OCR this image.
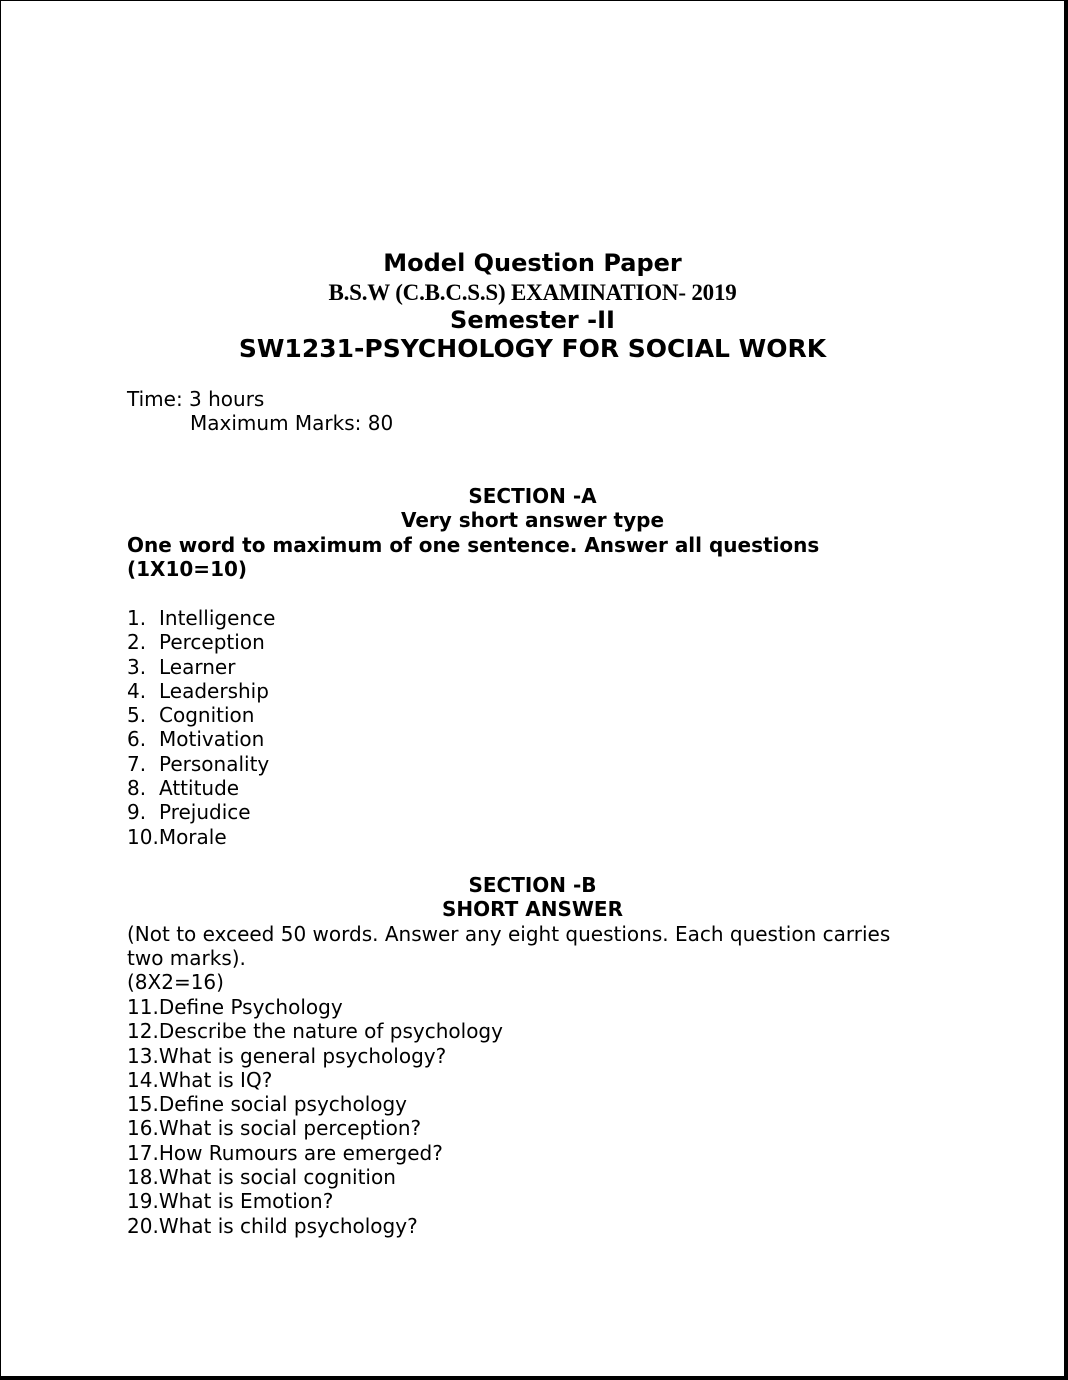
Model Question Paper
B.S.W (C.B.C.S.S) EXAMINATION- 2019
Semester -II
SW1231-PSYCHOLOGY FOR SOCIAL WORK
Time: 3 hours
Maximum Marks: 80
SECTION -A
Very short answer type
One word to maximum of one sentence. Answer all questions
(1X10=10)
1. Intelligence
2. Perception
3. Learner
4. Leadership
5. Cognition
6. Motivation
7. Personality
8. Attitude
9. Prejudice
10.Morale
SECTION -B
SHORT ANSWER
(Not to exceed 50 words. Answer any eight questions. Each question carries
two marks).
(8X2=16)
11.Define Psychology
12.Describe the nature of psychology
13.What is general psychology?
14.What is IQ?
15.Define social psychology
16.What is social perception?
17.How Rumours are emerged?
18.What is social cognition
19.What is Emotion?
20.What is child psychology?
